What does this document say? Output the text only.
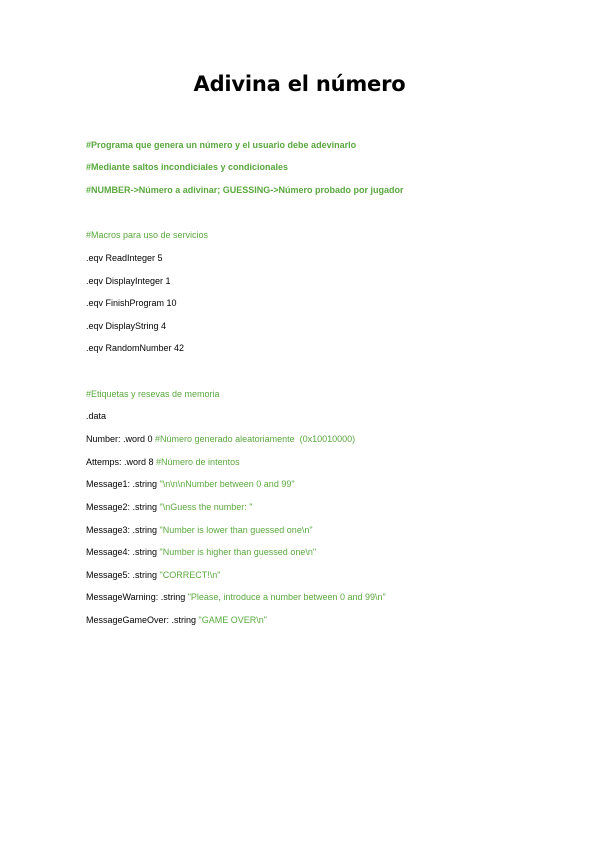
Adivina el número
#Programa que genera un número y el usuario debe adevinarlo
#Mediante saltos incondiciales y condicionales
#NUMBER->Número a adivinar; GUESSING->Número probado por jugador
#Macros para uso de servicios
.eqv ReadInteger 5
.eqv DisplayInteger 1
.eqv FinishProgram 10
.eqv DisplayString 4
.eqv RandomNumber 42
#Etiquetas y resevas de memoria
.data
Number: .word 0 #Número generado aleatoriamente  (0x10010000)
Attemps: .word 8 #Número de intentos
Message1: .string "\n\n\nNumber between 0 and 99"
Message2: .string "\nGuess the number: "
Message3: .string "Number is lower than guessed one\n"
Message4: .string "Number is higher than guessed one\n"
Message5: .string "CORRECT!\n"
MessageWarning: .string "Please, introduce a number between 0 and 99\n"
MessageGameOver: .string "GAME OVER\n"
